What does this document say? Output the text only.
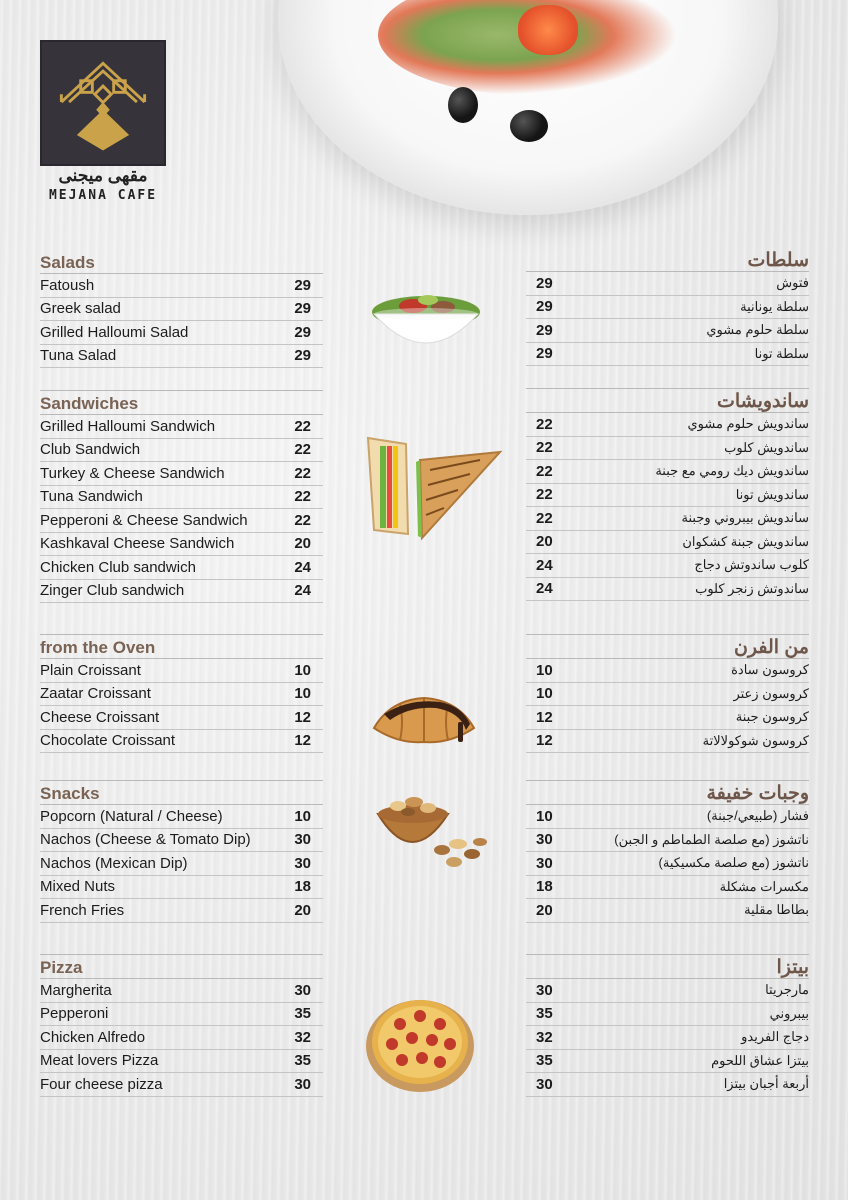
مقهى ميجنى
MEJANA CAFE
Salads
Fatoush	29
Greek salad	29
Grilled Halloumi Salad	29
Tuna Salad	29
سلطات
29	فتوش
29	سلطة يونانية
29	سلطة حلوم مشوي
29	سلطة تونا
Sandwiches
Grilled Halloumi Sandwich	22
Club Sandwich	22
Turkey & Cheese Sandwich	22
Tuna Sandwich	22
Pepperoni & Cheese Sandwich	22
Kashkaval Cheese Sandwich	20
Chicken Club sandwich	24
Zinger Club sandwich	24
ساندويشات
22	ساندويش حلوم مشوي
22	ساندويش كلوب
22	ساندويش ديك رومي مع جبنة
22	ساندويش تونا
22	ساندويش بيبروني وجبنة
20	ساندويش جبنة كشكوان
24	كلوب ساندوتش دجاج
24	ساندوتش زنجر كلوب
from the Oven
Plain Croissant	10
Zaatar Croissant	10
Cheese Croissant	12
Chocolate Croissant	12
من الفرن
10	كروسون سادة
10	كروسون زعتر
12	كروسون جبنة
12	كروسون شوكولالاتة
Snacks
Popcorn (Natural / Cheese)	10
Nachos (Cheese & Tomato Dip)	30
Nachos (Mexican Dip)	30
Mixed Nuts	18
French Fries	20
وجبات خفيفة
10	فشار (طبيعي/جبنة)
30	ناتشوز (مع صلصة الطماطم و الجبن)
30	ناتشوز (مع صلصة مكسيكية)
18	مكسرات مشكلة
20	بطاطا مقلية
Pizza
Margherita	30
Pepperoni	35
Chicken Alfredo	32
Meat lovers Pizza	35
Four cheese pizza	30
بيتزا
30	مارجريتا
35	بيبروني
32	دجاج الفريدو
35	بيتزا عشاق اللحوم
30	أربعة أجبان بيتزا
